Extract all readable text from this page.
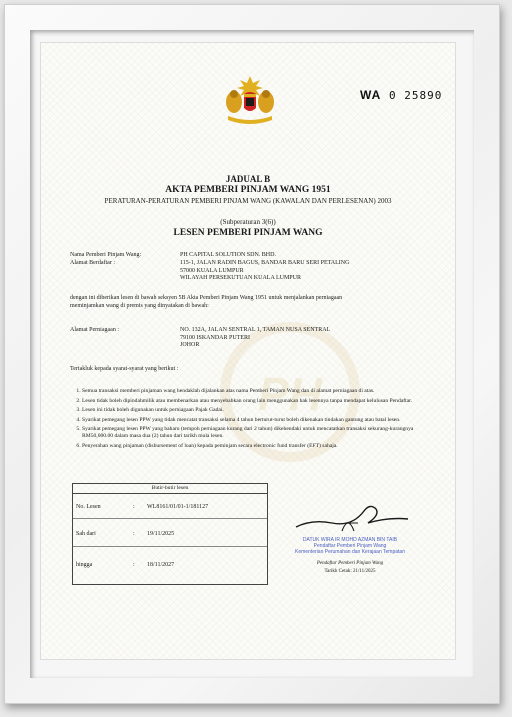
PH
WA 0 25890
JADUAL B
AKTA PEMBERI PINJAM WANG 1951
PERATURAN-PERATURAN PEMBERI PINJAM WANG (KAWALAN DAN PERLESENAN) 2003
(Subperaturan 3(6))
LESEN PEMBERI PINJAM WANG
Nama Pemberi Pinjam Wang:	PH CAPITAL SOLUTION SDN. BHD.
Alamat Berdaftar :	115-1, JALAN RADIN BAGUS, BANDAR BARU SERI PETALING
57000 KUALA LUMPUR
WILAYAH PERSEKUTUAN KUALA LUMPUR
dengan ini diberikan lesen di bawah seksyen 5B Akta Pemberi Pinjam Wang 1951 untuk menjalankan perniagaan
meminjamkan wang di premis yang dinyatakan di bawah:
Alamat Perniagaan :	NO. 132A, JALAN SENTRAL 1, TAMAN NUSA SENTRAL
79100 ISKANDAR PUTERI
JOHOR
Tertakluk kepada syarat-syarat yang berikut :
1. Semua transaksi memberi pinjaman wang hendaklah dijalankan atas nama Pemberi Pinjam Wang dan di alamat perniagaan di atas.
2. Lesen tidak boleh dipindahmilik atau membenarkan atau menyebabkan orang lain menggunakan hak lesennya tanpa mendapat kelulusan Pendaftar.
3. Lesen ini tidak boleh digunakan untuk perniagaan Pajak Gadai.
4. Syarikat pemegang lesen PPW yang tidak mencatat transaksi selama 4 tahun berturut-turut boleh dikenakan tindakan gantung atau batal lesen.
5. Syarikat pemegang lesen PPW yang baharu (tempoh perniagaan kurang dari 2 tahun) dikehendaki untuk mencatatkan transaksi sekurang-kurangnya RM50,000.00 dalam masa dua (2) tahun dari tarikh mula lesen.
6. Penyerahan wang pinjaman (disbursement of loan) kepada peminjam secara electronic fund transfer (EFT) sahaja.
Butir-butir lesen
No. Lesen	: WL8161/01/01-1/181127
Sah dari	: 19/11/2025
hingga	: 18/11/2027
DATUK WIRA IR MOHD AZMAN BIN TAIB
Pendaftar Pemberi Pinjam Wang
Kementerian Perumahan dan Kerajaan Tempatan
Pendaftar Pemberi Pinjam Wang
Tarikh Cetak: 21/11/2025
